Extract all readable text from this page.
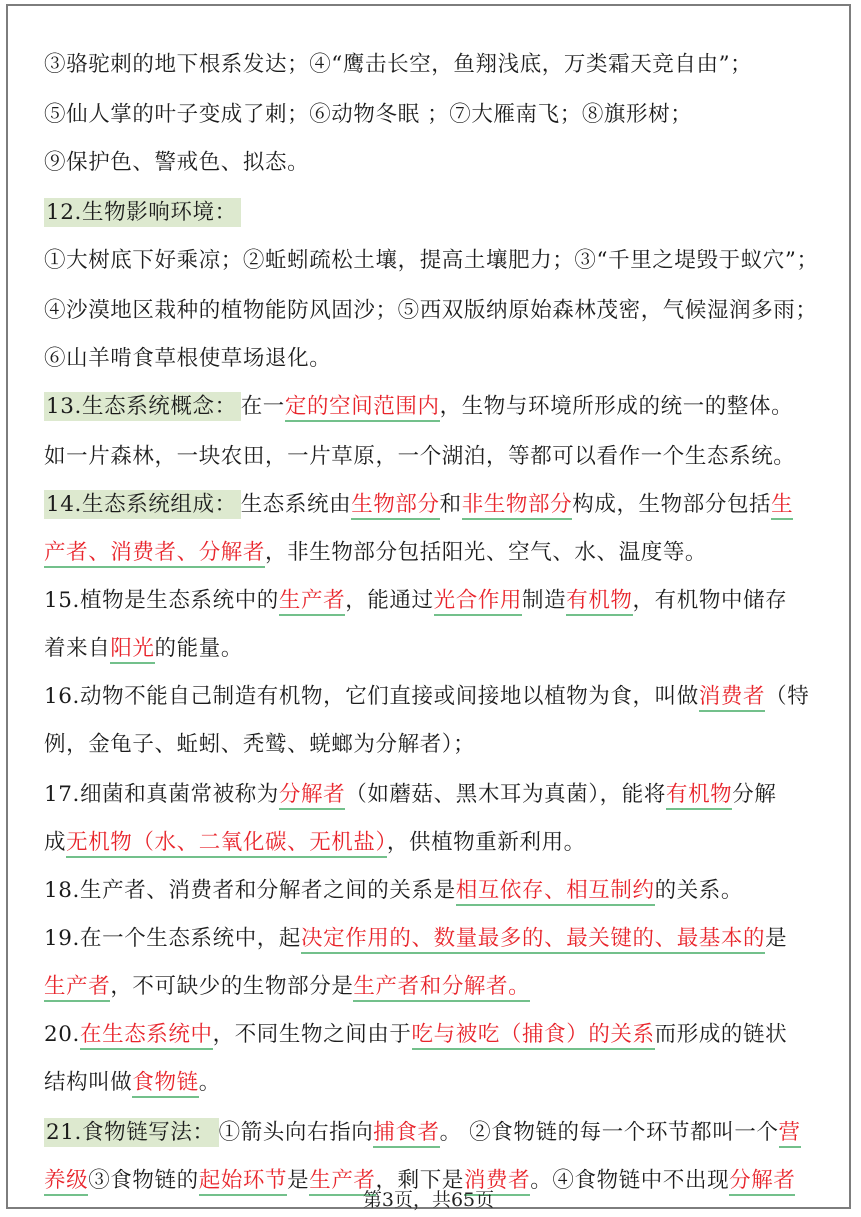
③骆驼刺的地下根系发达；④“鹰击长空，鱼翔浅底，万类霜天竞自由”；
⑤仙人掌的叶子变成了刺；⑥动物冬眠 ；⑦大雁南飞；⑧旗形树；
⑨保护色、警戒色、拟态。
12.生物影响环境：
①大树底下好乘凉；②蚯蚓疏松土壤，提高土壤肥力；③“千里之堤毁于蚁穴”；
④沙漠地区栽种的植物能防风固沙；⑤西双版纳原始森林茂密，气候湿润多雨；
⑥山羊啃食草根使草场退化。
13.生态系统概念： 在一定的空间范围内，生物与环境所形成的统一的整体。
如一片森林，一块农田，一片草原，一个湖泊，等都可以看作一个生态系统。
14.生态系统组成： 生态系统由生物部分和非生物部分构成，生物部分包括生
产者、消费者、分解者，非生物部分包括阳光、空气、水、温度等。
15.植物是生态系统中的生产者，能通过光合作用制造有机物，有机物中储存
着来自阳光的能量。
16.动物不能自己制造有机物，它们直接或间接地以植物为食，叫做消费者（特
例，金龟子、蚯蚓、秃鹫、蜣螂为分解者）；
17.细菌和真菌常被称为分解者（如蘑菇、黑木耳为真菌），能将有机物分解
成无机物（水、二氧化碳、无机盐），供植物重新利用。
18.生产者、消费者和分解者之间的关系是相互依存、相互制约的关系。
19.在一个生态系统中，起决定作用的、数量最多的、最关键的、最基本的是
生产者，不可缺少的生物部分是生产者和分解者。
20.在生态系统中，不同生物之间由于吃与被吃（捕食）的关系而形成的链状
结构叫做食物链。
21.食物链写法： ①箭头向右指向捕食者。 ②食物链的每一个环节都叫一个营
养级③食物链的起始环节是生产者，剩下是消费者。④食物链中不出现分解者
第3页，共65页
